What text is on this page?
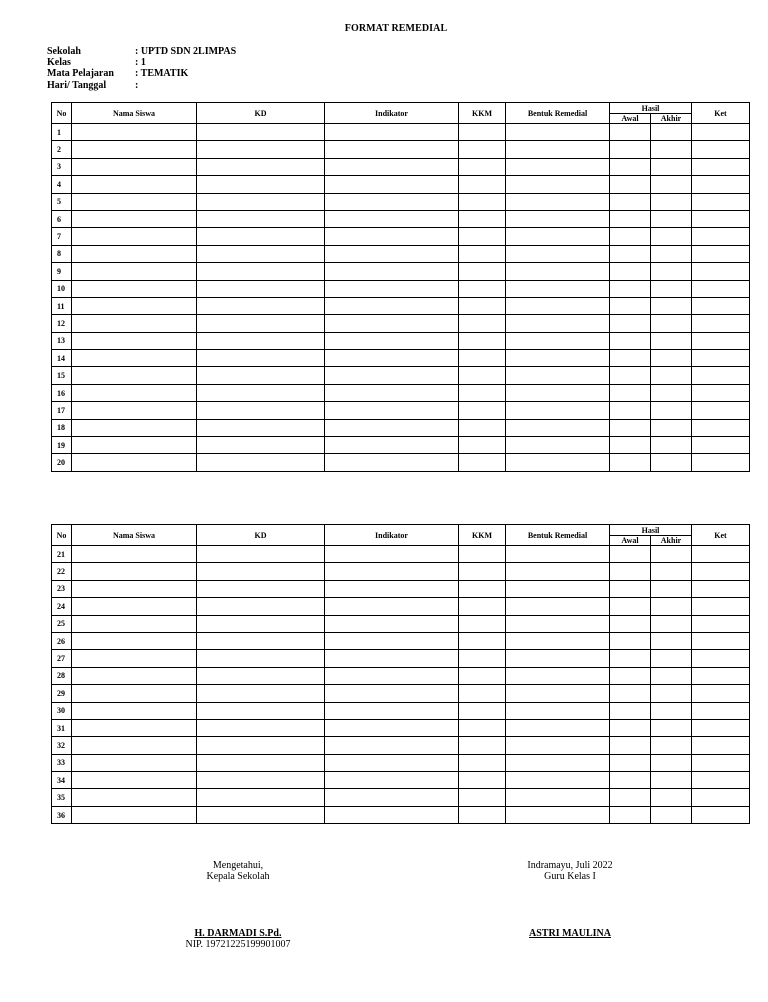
FORMAT REMEDIAL
Sekolah	: UPTD SDN 2LIMPAS
Kelas	: 1
Mata Pelajaran	: TEMATIK
Hari/ Tanggal	:
No	Nama Siswa	KD	Indikator	KKM	Bentuk Remedial	Hasil		Ket
						Awal	Akhir	
1								
2								
3								
4								
5								
6								
7								
8								
9								
10								
11								
12								
13								
14								
15								
16								
17								
18								
19								
20								
No	Nama Siswa	KD	Indikator	KKM	Bentuk Remedial	Hasil		Ket
						Awal	Akhir	
21								
22								
23								
24								
25								
26								
27								
28								
29								
30								
31								
32								
33								
34								
35								
36								
Mengetahui,
Kepala Sekolah
H. DARMADI S.Pd.
NIP. 19721225199901007
Indramayu, Juli 2022
Guru Kelas I
ASTRI MAULINA
